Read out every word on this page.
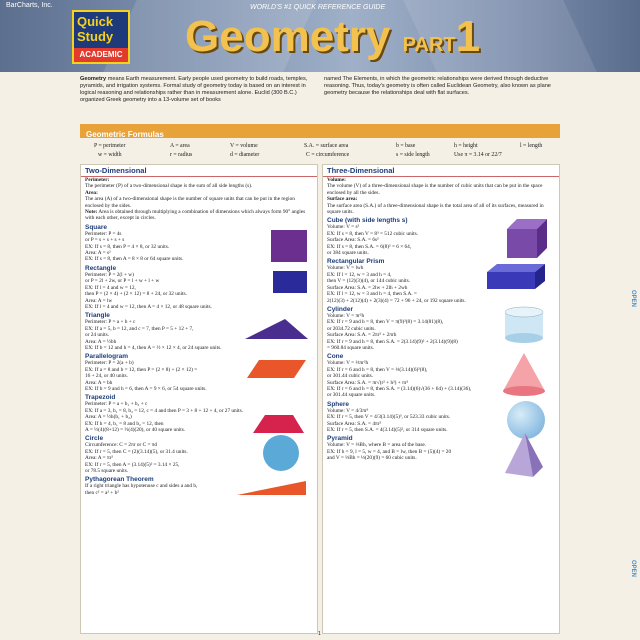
BarCharts, Inc.
Quick
Study
ACADEMIC
WORLD'S #1 QUICK REFERENCE GUIDE
Geometry PART1
Geometry means Earth measurement. Early people used geometry to build roads, temples, pyramids, and irrigation systems. Formal study of geometry today is based on an interest in logical reasoning and relationships rather than in measurement alone. Euclid (300 B.C.) organized Greek geometry into a 13-volume set of books
named The Elements, in which the geometric relationships were derived through deductive reasoning. Thus, today's geometry is often called Euclidean Geometry, also known as plane geometry because the relationships deal with flat surfaces.
Geometric Formulas
P = perimeter	A = area	V = volume	S.A. = surface area	b = base	h = height	l = length
w = width	r = radius	d = diameter	C = circumference	s = side length	Use π = 3.14 or 22/7
Two-Dimensional
Perimeter:
The perimeter (P) of a two-dimensional shape is the sum of all side lengths (s).
Area:
The area (A) of a two-dimensional shape is the number of square units that can be put in the region enclosed by the sides.
Note: Area is obtained through multiplying a combination of dimensions which always form 90° angles with each other, except in circles.
Square
Perimeter: P = 4s
or P = s + s + s + s
EX: If s = 8, then P = 4 × 8, or 32 units.
Area: A = s²
EX: If s = 8, then A = 8 × 8 or 64 square units.
Rectangle
Perimeter: P = 2(l + w)
or P = 2l + 2w, or P = l + w + l + w
EX: If l = 4 and w = 12,
then P = (2 × 4) + (2 × 12) = 8 + 24, or 32 units.
Area: A = lw
EX: If l = 4 and w = 12, then A = 4 × 12, or 48 square units.
Triangle
Perimeter: P = a + b + c
EX: If a = 5, b = 12, and c = 7, then P = 5 + 12 + 7,
or 24 units.
Area: A = ½bh
EX: If b = 12 and h = 4, then A = ½ × 12 × 4, or 24 square units.
Parallelogram
Perimeter: P = 2(a + b)
EX: If a = 8 and b = 12, then P = (2 × 8) + (2 × 12) =
16 + 24, or 40 units.
Area: A = bh
EX: If b = 9 and h = 6, then A = 9 × 6, or 54 square units.
Trapezoid
Perimeter: P = a + b₁ + b₂ + c
EX: If a = 3, b₁ = 8, b₂ = 12, c = 4 and then P = 3 + 8 + 12 + 4, or 27 units.
Area: A = ½h(b₁ + b₂)
EX: If h = 4, b₁ = 8 and b₂ = 12, then
A = ½(4)(8+12) = ½(4)(20), or 40 square units.
Circle
Circumference: C = 2πr or C = πd
EX: If r = 5, then C = (2)(3.14)(5), or 31.4 units.
Area: A = πr²
EX: If r = 5, then A = (3.14)(5)² = 3.14 × 25,
or 78.5 square units.
Pythagorean Theorem
If a right triangle has hypotenuse c and sides a and b,
then c² = a² + b²
Three-Dimensional
Volume:
The volume (V) of a three-dimensional shape is the number of cubic units that can be put in the space enclosed by all the sides.
Surface area:
The surface area (S.A.) of a three-dimensional shape is the total area of all of its surfaces, measured in square units.
Cube (with side lengths s)
Volume: V = s³
EX: If s = 8, then V = 8³ = 512 cubic units.
Surface Area: S.A. = 6s²
EX: If s = 8, then S.A. = 6(8)² = 6 × 64,
or 384 square units.
Rectangular Prism
Volume: V = lwh
EX: If l = 12, w = 3 and h = 4,
then V = (12)(3)(4), or 144 cubic units.
Surface Area: S.A. = 2lw + 2lh + 2wh
EX: If l = 12, w = 3 and h = 4, then S.A. =
2(12)(3) + 2(12)(4) + 2(3)(4) = 72 + 96 + 24, or 192 square units.
Cylinder
Volume: V = πr²h
EX: If r = 9 and h = 8, then V = π(9)²(8) = 3.14(81)(8),
or 2034.72 cubic units.
Surface Area: S.A. = 2πr² + 2πrh
EX: If r = 9 and h = 8, then S.A. = 2(3.14)(9)² + 2(3.14)(9)(8)
= 960.84 square units.
Cone
Volume: V = ⅓πr²h
EX: If r = 6 and h = 8, then V = ⅓(3.14)(6)²(8),
or 301.44 cubic units.
Surface Area: S.A. = πr√(r² + h²) + πr²
EX: If r = 6 and h = 8, then S.A. = (3.14)(6)√(36 + 64) + (3.14)(36),
or 301.44 square units.
Sphere
Volume: V = 4/3πr³
EX: If r = 5, then V = 4/3(3.14)(5)³, or 523.33 cubic units.
Surface Area: S.A. = 4πr²
EX: If r = 5, then S.A. = 4(3.14)(5)², or 314 square units.
Pyramid
Volume: V = ⅓Bh, where B = area of the base.
EX: If h = 9, l = 5, w = 4, and B = lw, then B = (5)(4) = 20
and V = ⅓Bh = ⅓(20)(9) = 60 cubic units.
OPEN
OPEN
1
